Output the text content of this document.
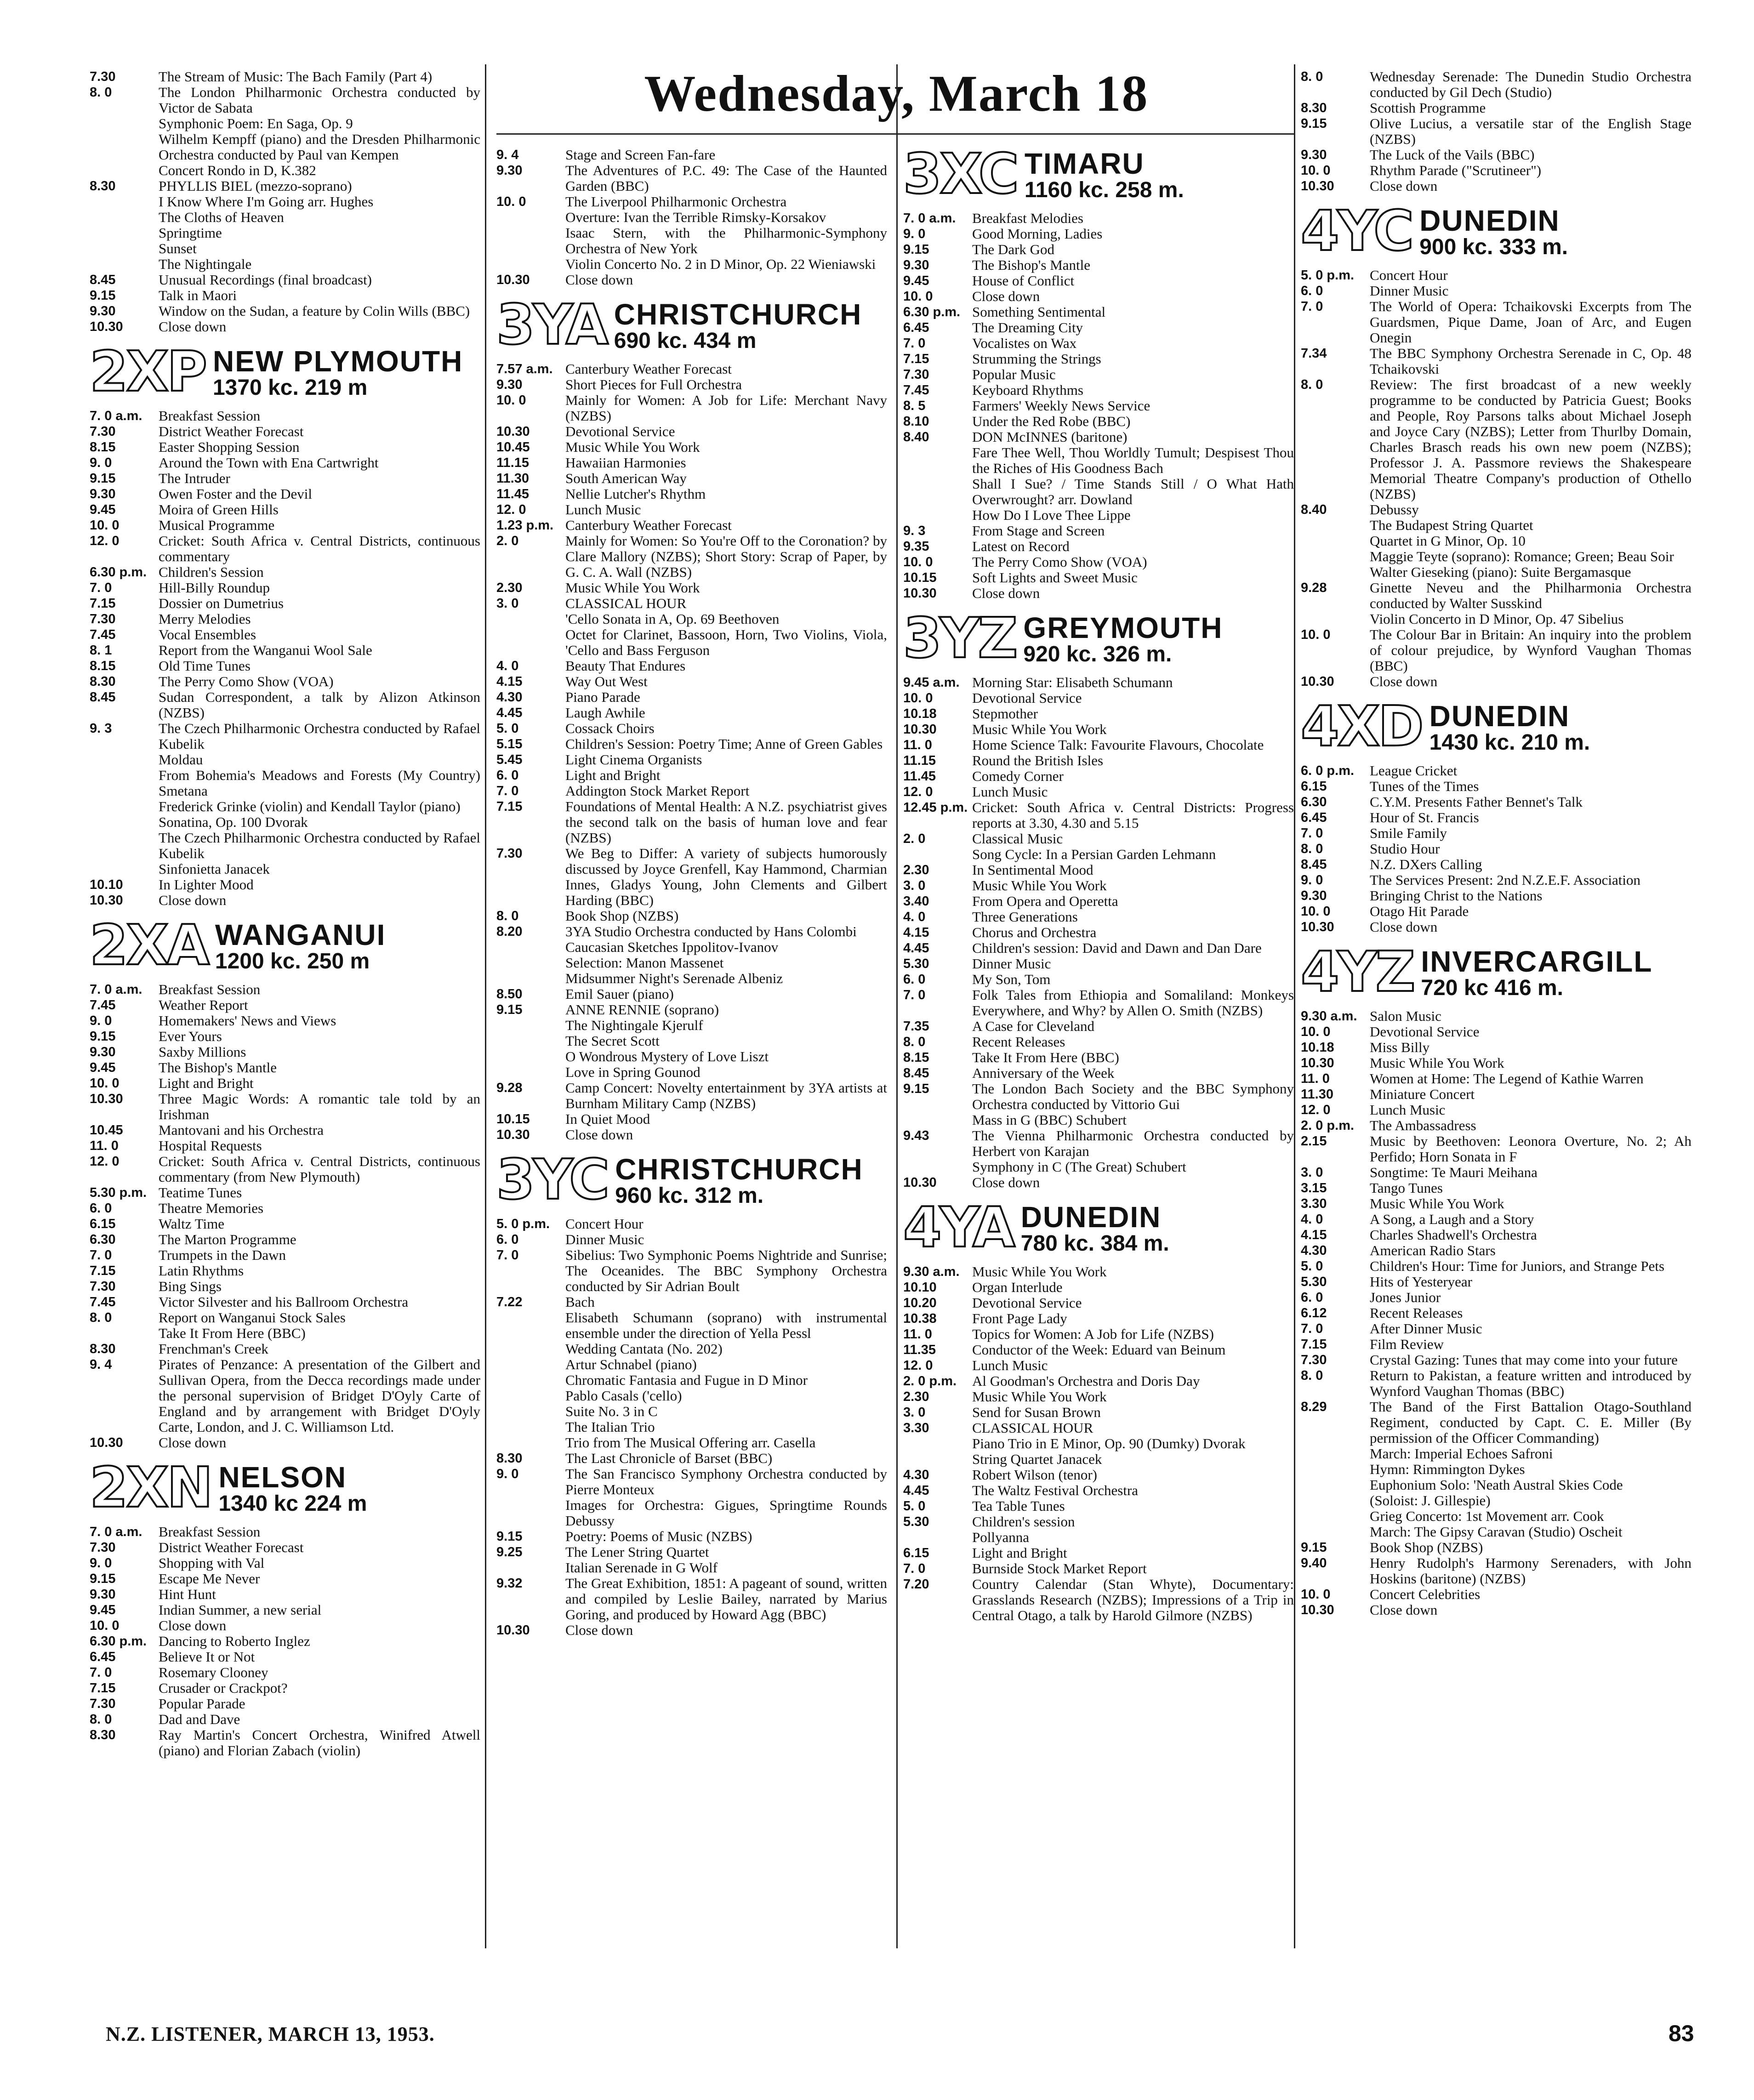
Wednesday, March 18
7.30	The Stream of Music: The Bach Family (Part 4)
8. 0	The London Philharmonic Orchestra conducted by Victor de Sabata
Symphonic Poem: En Saga, Op. 9
Wilhelm Kempff (piano) and the Dresden Philharmonic Orchestra conducted by Paul van Kempen
Concert Rondo in D, K.382
8.30	PHYLLIS BIEL (mezzo-soprano)
I Know Where I'm Going arr. Hughes
The Cloths of Heaven
Springtime
Sunset
The Nightingale
8.45	Unusual Recordings (final broadcast)
9.15	Talk in Maori
9.30	Window on the Sudan, a feature by Colin Wills (BBC)
10.30	Close down
2XP NEW PLYMOUTH
1370 kc. 219 m
7. 0 a.m.	Breakfast Session
7.30	District Weather Forecast
8.15	Easter Shopping Session
9. 0	Around the Town with Ena Cartwright
9.15	The Intruder
9.30	Owen Foster and the Devil
9.45	Moira of Green Hills
10. 0	Musical Programme
12. 0	Cricket: South Africa v. Central Districts, continuous commentary
6.30 p.m. Children's Session
7. 0	Hill-Billy Roundup
7.15	Dossier on Dumetrius
7.30	Merry Melodies
7.45	Vocal Ensembles
8. 1	Report from the Wanganui Wool Sale
8.15	Old Time Tunes
8.30	The Perry Como Show (VOA)
8.45	Sudan Correspondent, a talk by Alizon Atkinson (NZBS)
9. 3	The Czech Philharmonic Orchestra conducted by Rafael Kubelik
Moldau
From Bohemia's Meadows and Forests (My Country) Smetana
Frederick Grinke (violin) and Kendall Taylor (piano)
Sonatina, Op. 100 Dvorak
The Czech Philharmonic Orchestra conducted by Rafael Kubelik
Sinfonietta Janacek
10.10	In Lighter Mood
10.30	Close down
2XA WANGANUI
1200 kc. 250 m
7. 0 a.m.	Breakfast Session
7.45	Weather Report
9. 0	Homemakers' News and Views
9.15	Ever Yours
9.30	Saxby Millions
9.45	The Bishop's Mantle
10. 0	Light and Bright
10.30	Three Magic Words: A romantic tale told by an Irishman
10.45	Mantovani and his Orchestra
11. 0	Hospital Requests
12. 0	Cricket: South Africa v. Central Districts, continuous commentary (from New Plymouth)
5.30 p.m. Teatime Tunes
6. 0	Theatre Memories
6.15	Waltz Time
6.30	The Marton Programme
7. 0	Trumpets in the Dawn
7.15	Latin Rhythms
7.30	Bing Sings
7.45	Victor Silvester and his Ballroom Orchestra
8. 0	Report on Wanganui Stock Sales
Take It From Here (BBC)
8.30	Frenchman's Creek
9. 4	Pirates of Penzance: A presentation of the Gilbert and Sullivan Opera, from the Decca recordings made under the personal supervision of Bridget D'Oyly Carte of England and by arrangement with Bridget D'Oyly Carte, London, and J. C. Williamson Ltd.
10.30	Close down
2XN NELSON
1340 kc 224 m
7. 0 a.m.	Breakfast Session
7.30	District Weather Forecast
9. 0	Shopping with Val
9.15	Escape Me Never
9.30	Hint Hunt
9.45	Indian Summer, a new serial
10. 0	Close down
6.30 p.m. Dancing to Roberto Inglez
6.45	Believe It or Not
7. 0	Rosemary Clooney
7.15	Crusader or Crackpot?
7.30	Popular Parade
8. 0	Dad and Dave
8.30	Ray Martin's Concert Orchestra, Winifred Atwell (piano) and Florian Zabach (violin)
9. 4	Stage and Screen Fan-fare
9.30	The Adventures of P.C. 49: The Case of the Haunted Garden (BBC)
10. 0	The Liverpool Philharmonic Orchestra
Overture: Ivan the Terrible Rimsky-Korsakov
Isaac Stern, with the Philharmonic-Symphony Orchestra of New York
Violin Concerto No. 2 in D Minor, Op. 22 Wieniawski
10.30	Close down
3YA CHRISTCHURCH
690 kc. 434 m
7.57 a.m. Canterbury Weather Forecast
9.30	Short Pieces for Full Orchestra
10. 0	Mainly for Women: A Job for Life: Merchant Navy (NZBS)
10.30	Devotional Service
10.45	Music While You Work
11.15	Hawaiian Harmonies
11.30	South American Way
11.45	Nellie Lutcher's Rhythm
12. 0	Lunch Music
1.23 p.m. Canterbury Weather Forecast
2. 0	Mainly for Women: So You're Off to the Coronation? by Clare Mallory (NZBS); Short Story: Scrap of Paper, by G. C. A. Wall (NZBS)
2.30	Music While You Work
3. 0	CLASSICAL HOUR
'Cello Sonata in A, Op. 69 Beethoven
Octet for Clarinet, Bassoon, Horn, Two Violins, Viola, 'Cello and Bass Ferguson
4. 0	Beauty That Endures
4.15	Way Out West
4.30	Piano Parade
4.45	Laugh Awhile
5. 0	Cossack Choirs
5.15	Children's Session: Poetry Time; Anne of Green Gables
5.45	Light Cinema Organists
6. 0	Light and Bright
7. 0	Addington Stock Market Report
7.15	Foundations of Mental Health: A N.Z. psychiatrist gives the second talk on the basis of human love and fear (NZBS)
7.30	We Beg to Differ: A variety of subjects humorously discussed by Joyce Grenfell, Kay Hammond, Charmian Innes, Gladys Young, John Clements and Gilbert Harding (BBC)
8. 0	Book Shop (NZBS)
8.20	3YA Studio Orchestra conducted by Hans Colombi
Caucasian Sketches Ippolitov-Ivanov
Selection: Manon Massenet
Midsummer Night's Serenade Albeniz
8.50	Emil Sauer (piano)
9.15	ANNE RENNIE (soprano)
The Nightingale Kjerulf
The Secret Scott
O Wondrous Mystery of Love Liszt
Love in Spring Gounod
9.28	Camp Concert: Novelty entertainment by 3YA artists at Burnham Military Camp (NZBS)
10.15	In Quiet Mood
10.30	Close down
3YC CHRISTCHURCH
960 kc. 312 m.
5. 0 p.m.	Concert Hour
6. 0	Dinner Music
7. 0	Sibelius: Two Symphonic Poems Nightride and Sunrise; The Oceanides. The BBC Symphony Orchestra conducted by Sir Adrian Boult
7.22	Bach
Elisabeth Schumann (soprano) with instrumental ensemble under the direction of Yella Pessl
Wedding Cantata (No. 202)
Artur Schnabel (piano)
Chromatic Fantasia and Fugue in D Minor
Pablo Casals ('cello)
Suite No. 3 in C
The Italian Trio
Trio from The Musical Offering arr. Casella
8.30	The Last Chronicle of Barset (BBC)
9. 0	The San Francisco Symphony Orchestra conducted by Pierre Monteux
Images for Orchestra: Gigues, Springtime Rounds Debussy
9.15	Poetry: Poems of Music (NZBS)
9.25	The Lener String Quartet
Italian Serenade in G Wolf
9.32	The Great Exhibition, 1851: A pageant of sound, written and compiled by Leslie Bailey, narrated by Marius Goring, and produced by Howard Agg (BBC)
10.30	Close down
3XC TIMARU
1160 kc. 258 m.
7. 0 a.m.	Breakfast Melodies
9. 0	Good Morning, Ladies
9.15	The Dark God
9.30	The Bishop's Mantle
9.45	House of Conflict
10. 0	Close down
6.30 p.m. Something Sentimental
6.45	The Dreaming City
7. 0	Vocalistes on Wax
7.15	Strumming the Strings
7.30	Popular Music
7.45	Keyboard Rhythms
8. 5	Farmers' Weekly News Service
8.10	Under the Red Robe (BBC)
8.40	DON McINNES (baritone)
Fare Thee Well, Thou Worldly Tumult; Despisest Thou the Riches of His Goodness Bach
Shall I Sue? / Time Stands Still / O What Hath Overwrought? arr. Dowland
How Do I Love Thee Lippe
9. 3	From Stage and Screen
9.35	Latest on Record
10. 0	The Perry Como Show (VOA)
10.15	Soft Lights and Sweet Music
10.30	Close down
3YZ GREYMOUTH
920 kc. 326 m.
9.45 a.m. Morning Star: Elisabeth Schumann
10. 0	Devotional Service
10.18	Stepmother
10.30	Music While You Work
11. 0	Home Science Talk: Favourite Flavours, Chocolate
11.15	Round the British Isles
11.45	Comedy Corner
12. 0	Lunch Music
12.45 p.m. Cricket: South Africa v. Central Districts: Progress reports at 3.30, 4.30 and 5.15
2. 0	Classical Music
Song Cycle: In a Persian Garden Lehmann
2.30	In Sentimental Mood
3. 0	Music While You Work
3.40	From Opera and Operetta
4. 0	Three Generations
4.15	Chorus and Orchestra
4.45	Children's session: David and Dawn and Dan Dare
5.30	Dinner Music
6. 0	My Son, Tom
7. 0	Folk Tales from Ethiopia and Somaliland: Monkeys Everywhere, and Why? by Allen O. Smith (NZBS)
7.35	A Case for Cleveland
8. 0	Recent Releases
8.15	Take It From Here (BBC)
8.45	Anniversary of the Week
9.15	The London Bach Society and the BBC Symphony Orchestra conducted by Vittorio Gui
Mass in G (BBC) Schubert
9.43	The Vienna Philharmonic Orchestra conducted by Herbert von Karajan
Symphony in C (The Great) Schubert
10.30	Close down
4YA DUNEDIN
780 kc. 384 m.
9.30 a.m. Music While You Work
10.10	Organ Interlude
10.20	Devotional Service
10.38	Front Page Lady
11. 0	Topics for Women: A Job for Life (NZBS)
11.35	Conductor of the Week: Eduard van Beinum
12. 0	Lunch Music
2. 0 p.m.	Al Goodman's Orchestra and Doris Day
2.30	Music While You Work
3. 0	Send for Susan Brown
3.30	CLASSICAL HOUR
Piano Trio in E Minor, Op. 90 (Dumky) Dvorak
String Quartet Janacek
4.30	Robert Wilson (tenor)
4.45	The Waltz Festival Orchestra
5. 0	Tea Table Tunes
5.30	Children's session
Pollyanna
6.15	Light and Bright
7. 0	Burnside Stock Market Report
7.20	Country Calendar (Stan Whyte), Documentary: Grasslands Research (NZBS); Impressions of a Trip in Central Otago, a talk by Harold Gilmore (NZBS)
8. 0	Wednesday Serenade: The Dunedin Studio Orchestra conducted by Gil Dech (Studio)
8.30	Scottish Programme
9.15	Olive Lucius, a versatile star of the English Stage (NZBS)
9.30	The Luck of the Vails (BBC)
10. 0	Rhythm Parade ("Scrutineer")
10.30	Close down
4YC DUNEDIN
900 kc. 333 m.
5. 0 p.m.	Concert Hour
6. 0	Dinner Music
7. 0	The World of Opera: Tchaikovski Excerpts from The Guardsmen, Pique Dame, Joan of Arc, and Eugen Onegin
7.34	The BBC Symphony Orchestra Serenade in C, Op. 48 Tchaikovski
8. 0	Review: The first broadcast of a new weekly programme to be conducted by Patricia Guest; Books and People, Roy Parsons talks about Michael Joseph and Joyce Cary (NZBS); Letter from Thurlby Domain, Charles Brasch reads his own new poem (NZBS); Professor J. A. Passmore reviews the Shakespeare Memorial Theatre Company's production of Othello (NZBS)
8.40	Debussy
The Budapest String Quartet
Quartet in G Minor, Op. 10
Maggie Teyte (soprano): Romance; Green; Beau Soir
Walter Gieseking (piano): Suite Bergamasque
9.28	Ginette Neveu and the Philharmonia Orchestra conducted by Walter Susskind
Violin Concerto in D Minor, Op. 47 Sibelius
10. 0	The Colour Bar in Britain: An inquiry into the problem of colour prejudice, by Wynford Vaughan Thomas (BBC)
10.30	Close down
4XD DUNEDIN
1430 kc. 210 m.
6. 0 p.m.	League Cricket
6.15	Tunes of the Times
6.30	C.Y.M. Presents Father Bennet's Talk
6.45	Hour of St. Francis
7. 0	Smile Family
8. 0	Studio Hour
8.45	N.Z. DXers Calling
9. 0	The Services Present: 2nd N.Z.E.F. Association
9.30	Bringing Christ to the Nations
10. 0	Otago Hit Parade
10.30	Close down
4YZ INVERCARGILL
720 kc 416 m.
9.30 a.m. Salon Music
10. 0	Devotional Service
10.18	Miss Billy
10.30	Music While You Work
11. 0	Women at Home: The Legend of Kathie Warren
11.30	Miniature Concert
12. 0	Lunch Music
2. 0 p.m.	The Ambassadress
2.15	Music by Beethoven: Leonora Overture, No. 2; Ah Perfido; Horn Sonata in F
3. 0	Songtime: Te Mauri Meihana
3.15	Tango Tunes
3.30	Music While You Work
4. 0	A Song, a Laugh and a Story
4.15	Charles Shadwell's Orchestra
4.30	American Radio Stars
5. 0	Children's Hour: Time for Juniors, and Strange Pets
5.30	Hits of Yesteryear
6. 0	Jones Junior
6.12	Recent Releases
7. 0	After Dinner Music
7.15	Film Review
7.30	Crystal Gazing: Tunes that may come into your future
8. 0	Return to Pakistan, a feature written and introduced by Wynford Vaughan Thomas (BBC)
8.29	The Band of the First Battalion Otago-Southland Regiment, conducted by Capt. C. E. Miller (By permission of the Officer Commanding)
March: Imperial Echoes Safroni
Hymn: Rimmington Dykes
Euphonium Solo: 'Neath Austral Skies Code
(Soloist: J. Gillespie)
Grieg Concerto: 1st Movement arr. Cook
March: The Gipsy Caravan (Studio) Oscheit
9.15	Book Shop (NZBS)
9.40	Henry Rudolph's Harmony Serenaders, with John Hoskins (baritone) (NZBS)
10. 0	Concert Celebrities
10.30	Close down
N.Z. LISTENER, MARCH 13, 1953.	83
